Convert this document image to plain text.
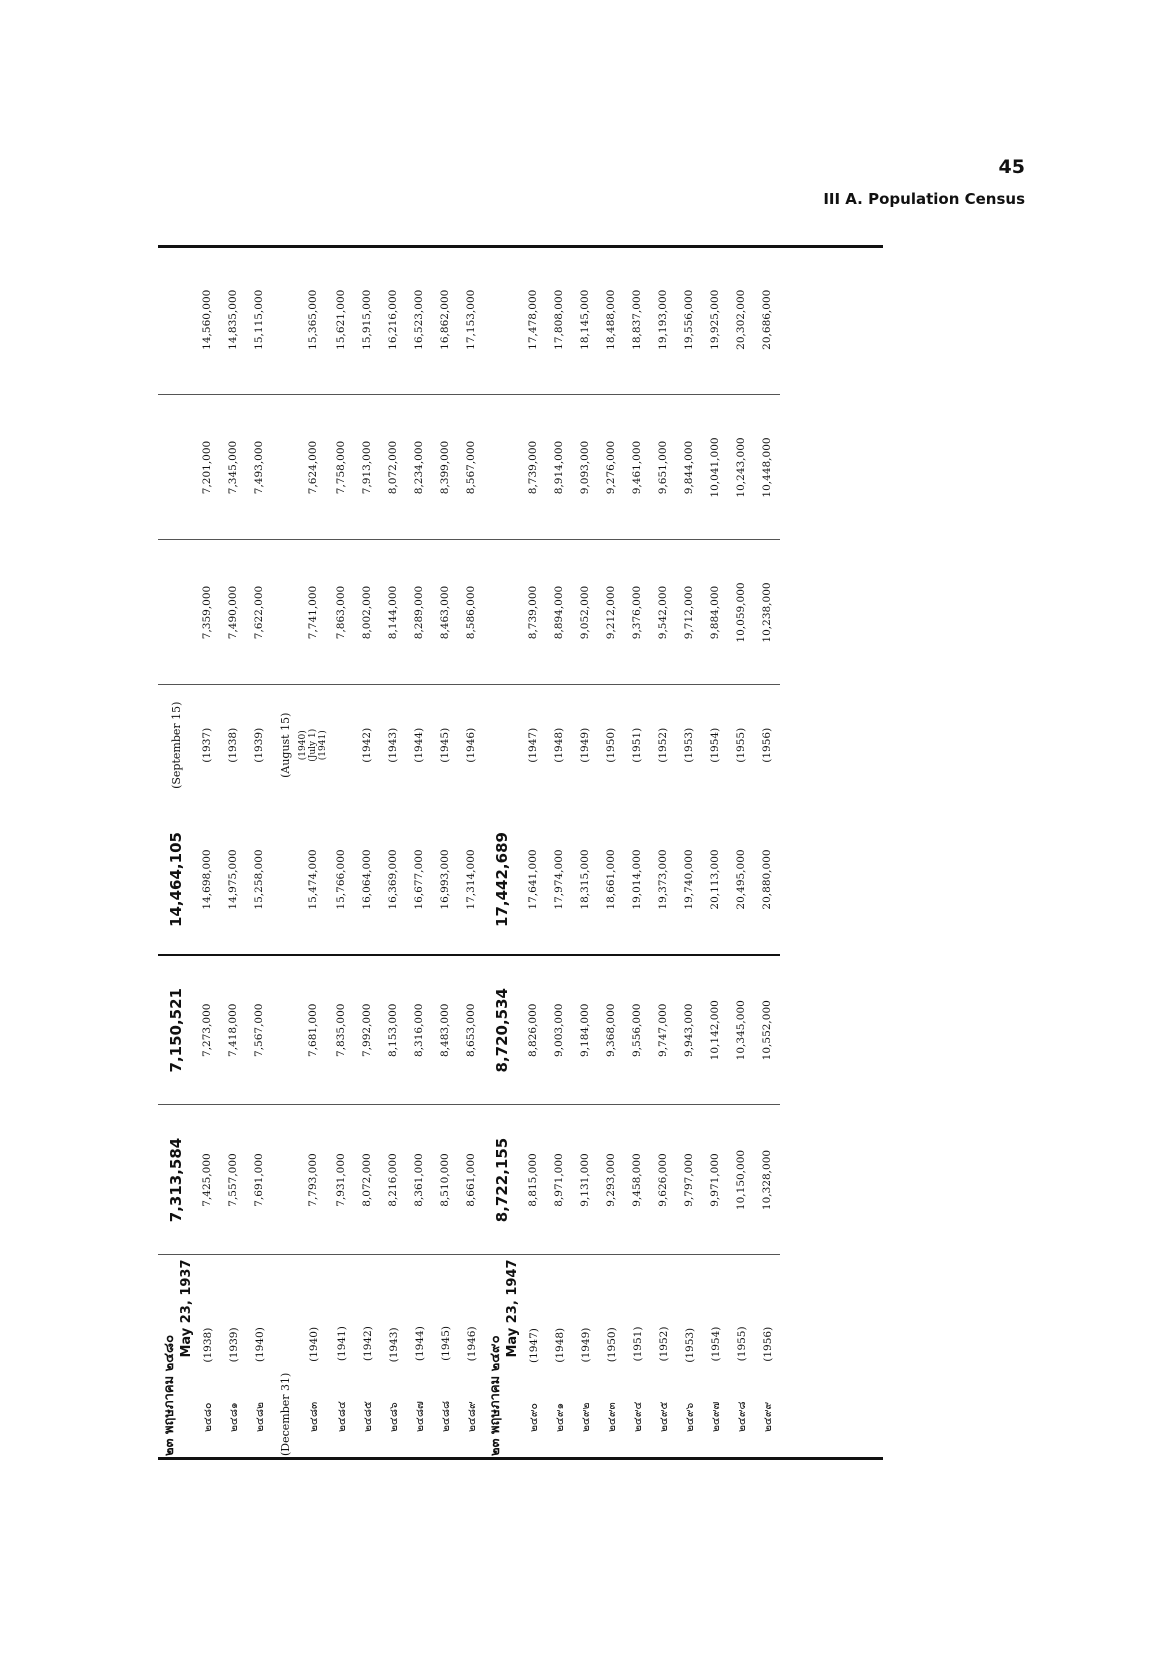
45
III A. Population Census
๒๓ พฤษภาคม ๒๔๘๐
May 23, 1937	7,313,584	7,150,521	14,464,105	(September 15)			
๒๔๘๐(1938)	7,425,000	7,273,000	14,698,000	(1937)	7,359,000	7,201,000	14,560,000
๒๔๘๑(1939)	7,557,000	7,418,000	14,975,000	(1938)	7,490,000	7,345,000	14,835,000
๒๔๘๒(1940)	7,691,000	7,567,000	15,258,000	(1939)	7,622,000	7,493,000	15,115,000
(December 31)				(August 15)			
๒๔๘๓(1940)	7,793,000	7,681,000	15,474,000	(1940) (July 1) (1941)	7,741,000	7,624,000	15,365,000
๒๔๘๔(1941)	7,931,000	7,835,000	15,766,000		7,863,000	7,758,000	15,621,000
๒๔๘๕(1942)	8,072,000	7,992,000	16,064,000	(1942)	8,002,000	7,913,000	15,915,000
๒๔๘๖(1943)	8,216,000	8,153,000	16,369,000	(1943)	8,144,000	8,072,000	16,216,000
๒๔๘๗(1944)	8,361,000	8,316,000	16,677,000	(1944)	8,289,000	8,234,000	16,523,000
๒๔๘๘(1945)	8,510,000	8,483,000	16,993,000	(1945)	8,463,000	8,399,000	16,862,000
๒๔๘๙(1946)	8,661,000	8,653,000	17,314,000	(1946)	8,586,000	8,567,000	17,153,000

๒๓ พฤษภาคม ๒๔๙๐
May 23, 1947	8,722,155	8,720,534	17,442,689				
๒๔๙๐(1947)	8,815,000	8,826,000	17,641,000	(1947)	8,739,000	8,739,000	17,478,000
๒๔๙๑(1948)	8,971,000	9,003,000	17,974,000	(1948)	8,894,000	8,914,000	17,808,000
๒๔๙๒(1949)	9,131,000	9,184,000	18,315,000	(1949)	9,052,000	9,093,000	18,145,000
๒๔๙๓(1950)	9,293,000	9,368,000	18,661,000	(1950)	9,212,000	9,276,000	18,488,000
๒๔๙๔(1951)	9,458,000	9,556,000	19,014,000	(1951)	9,376,000	9,461,000	18,837,000
๒๔๙๕(1952)	9,626,000	9,747,000	19,373,000	(1952)	9,542,000	9,651,000	19,193,000
๒๔๙๖(1953)	9,797,000	9,943,000	19,740,000	(1953)	9,712,000	9,844,000	19,556,000
๒๔๙๗(1954)	9,971,000	10,142,000	20,113,000	(1954)	9,884,000	10,041,000	19,925,000
๒๔๙๘(1955)	10,150,000	10,345,000	20,495,000	(1955)	10,059,000	10,243,000	20,302,000
๒๔๙๙(1956)	10,328,000	10,552,000	20,880,000	(1956)	10,238,000	10,448,000	20,686,000
